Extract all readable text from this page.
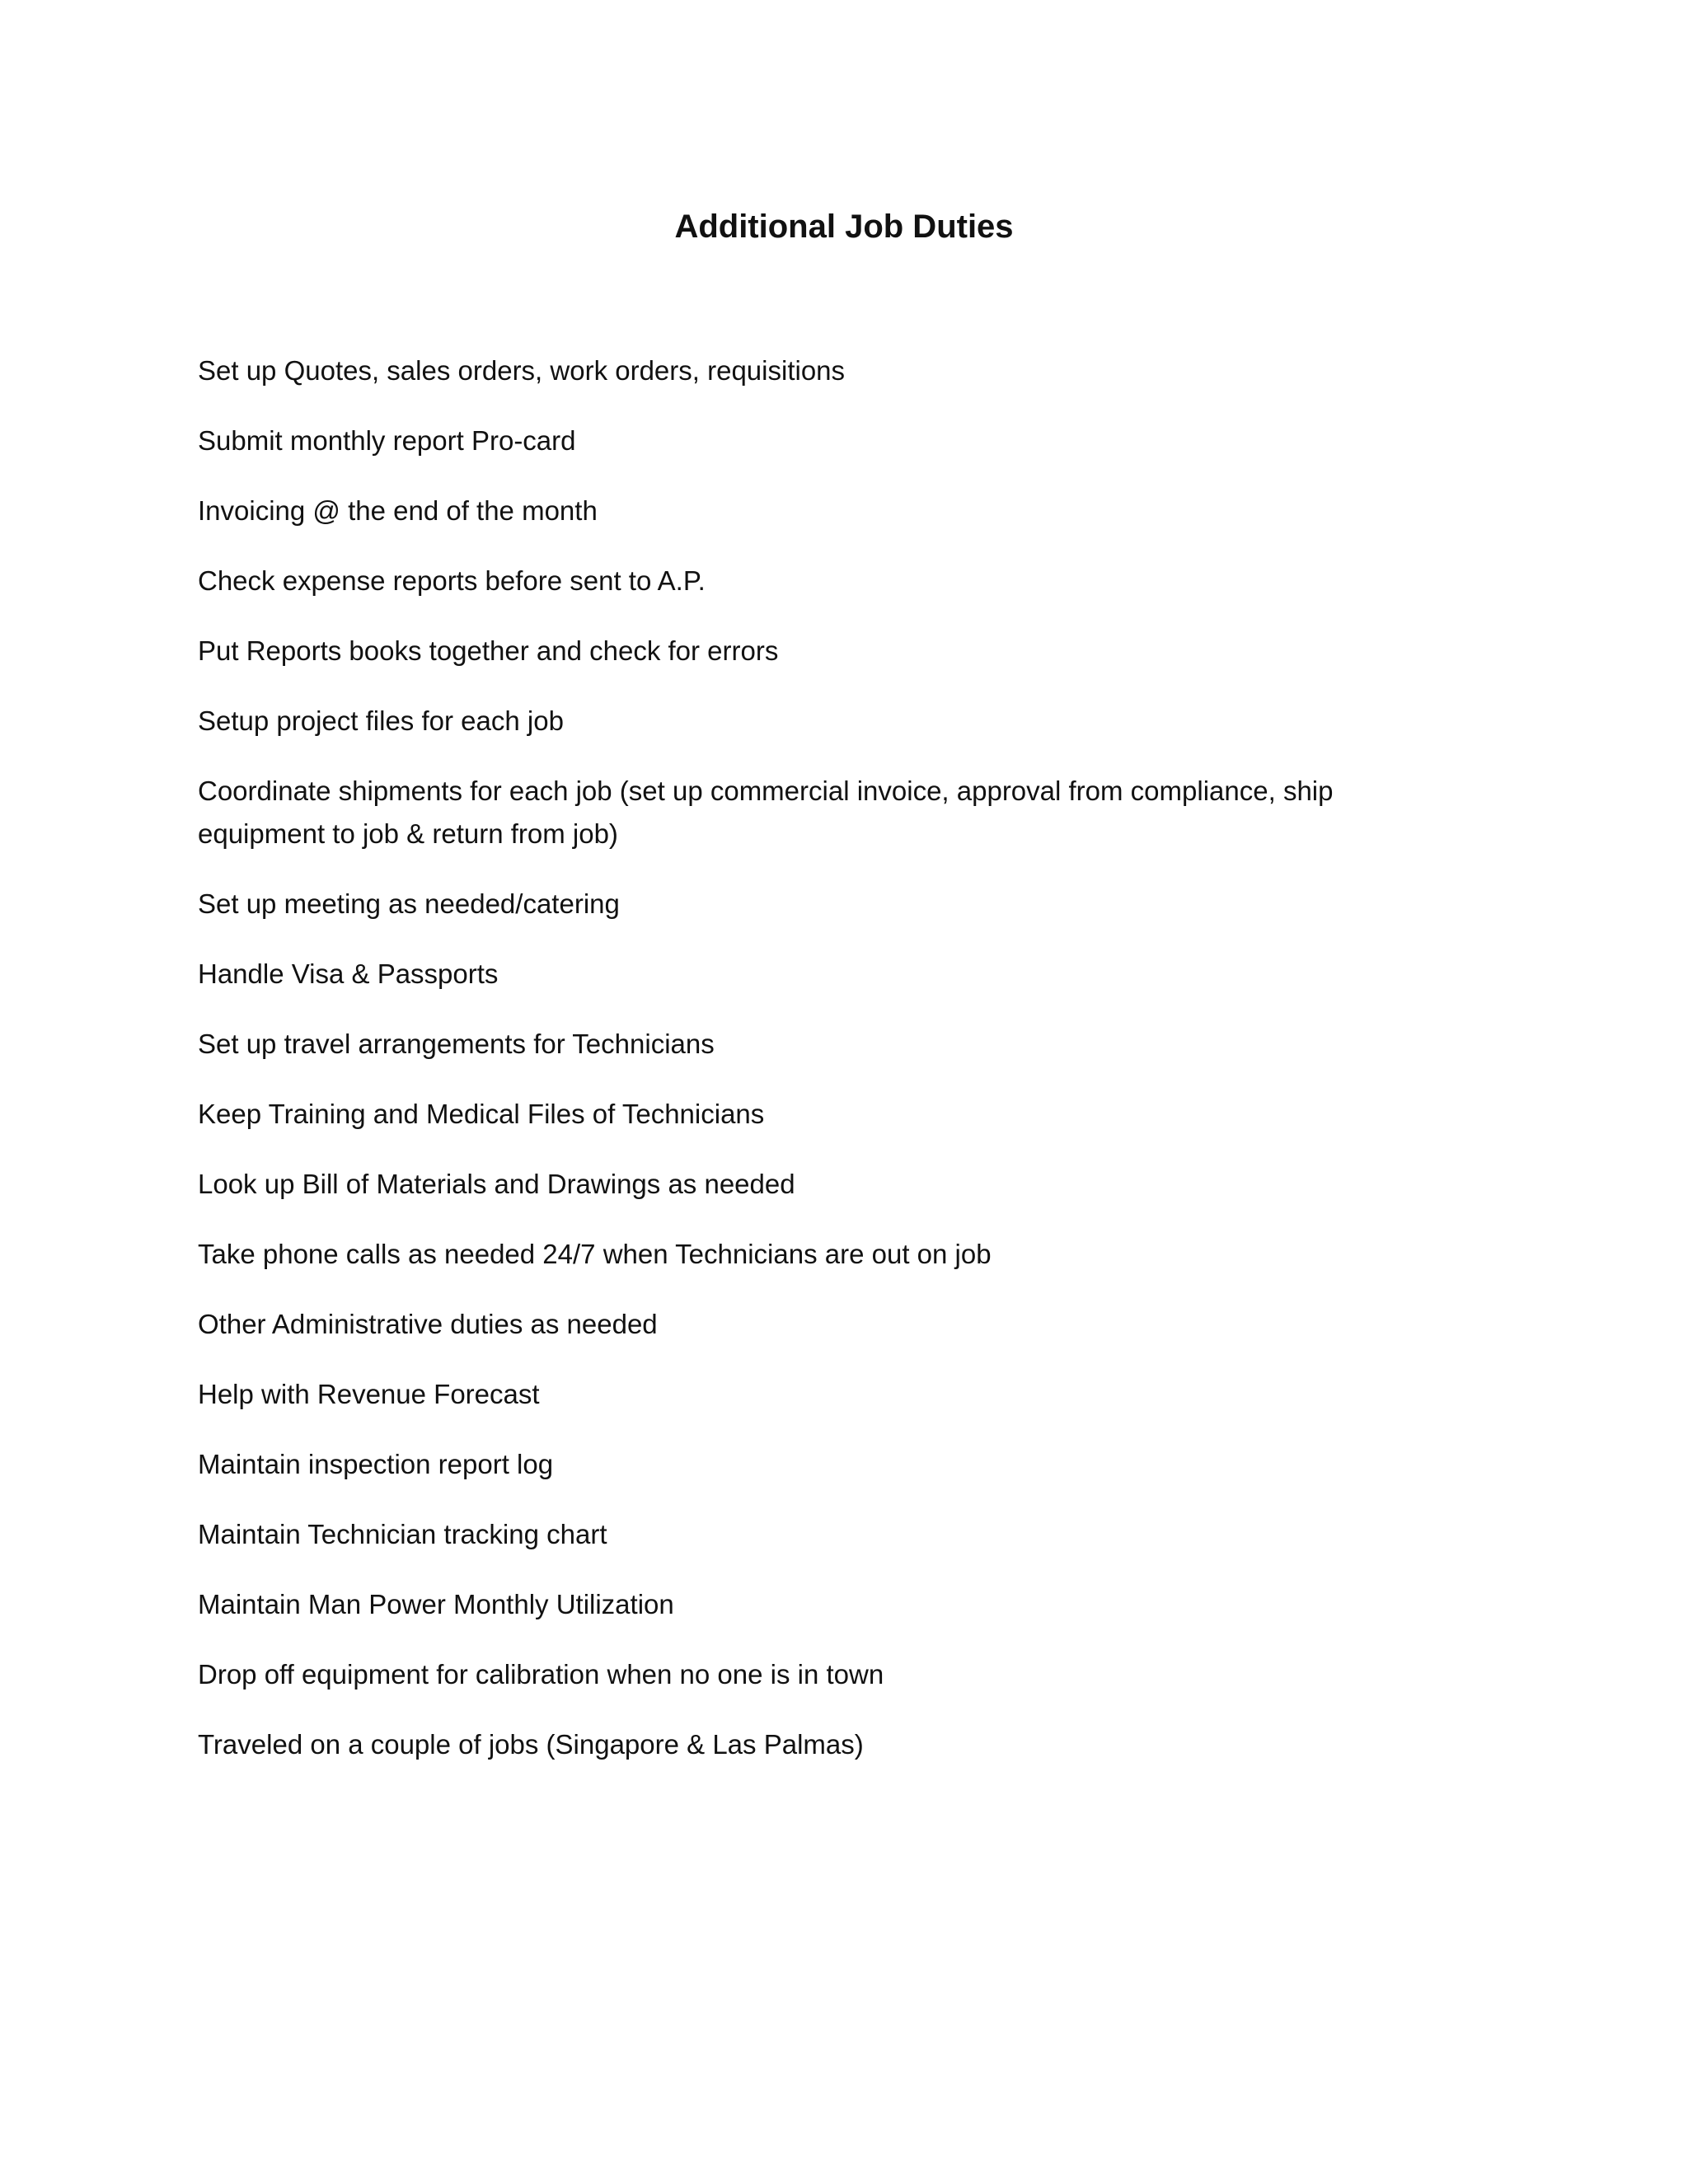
Additional Job Duties
Set up Quotes, sales orders, work orders, requisitions
Submit monthly report Pro-card
Invoicing @ the end of the month
Check expense reports before sent to A.P.
Put Reports books together and check for errors
Setup project files for each job
Coordinate shipments for each job (set up commercial invoice, approval from compliance, ship equipment to job & return from job)
Set up meeting as needed/catering
Handle Visa & Passports
Set up travel arrangements for Technicians
Keep Training and Medical Files of Technicians
Look up Bill of Materials and Drawings as needed
Take phone calls as needed 24/7 when Technicians are out on job
Other Administrative duties as needed
Help with Revenue Forecast
Maintain inspection report log
Maintain Technician tracking chart
Maintain Man Power Monthly Utilization
Drop off equipment for calibration when no one is in town
Traveled on a couple of jobs (Singapore & Las Palmas)
